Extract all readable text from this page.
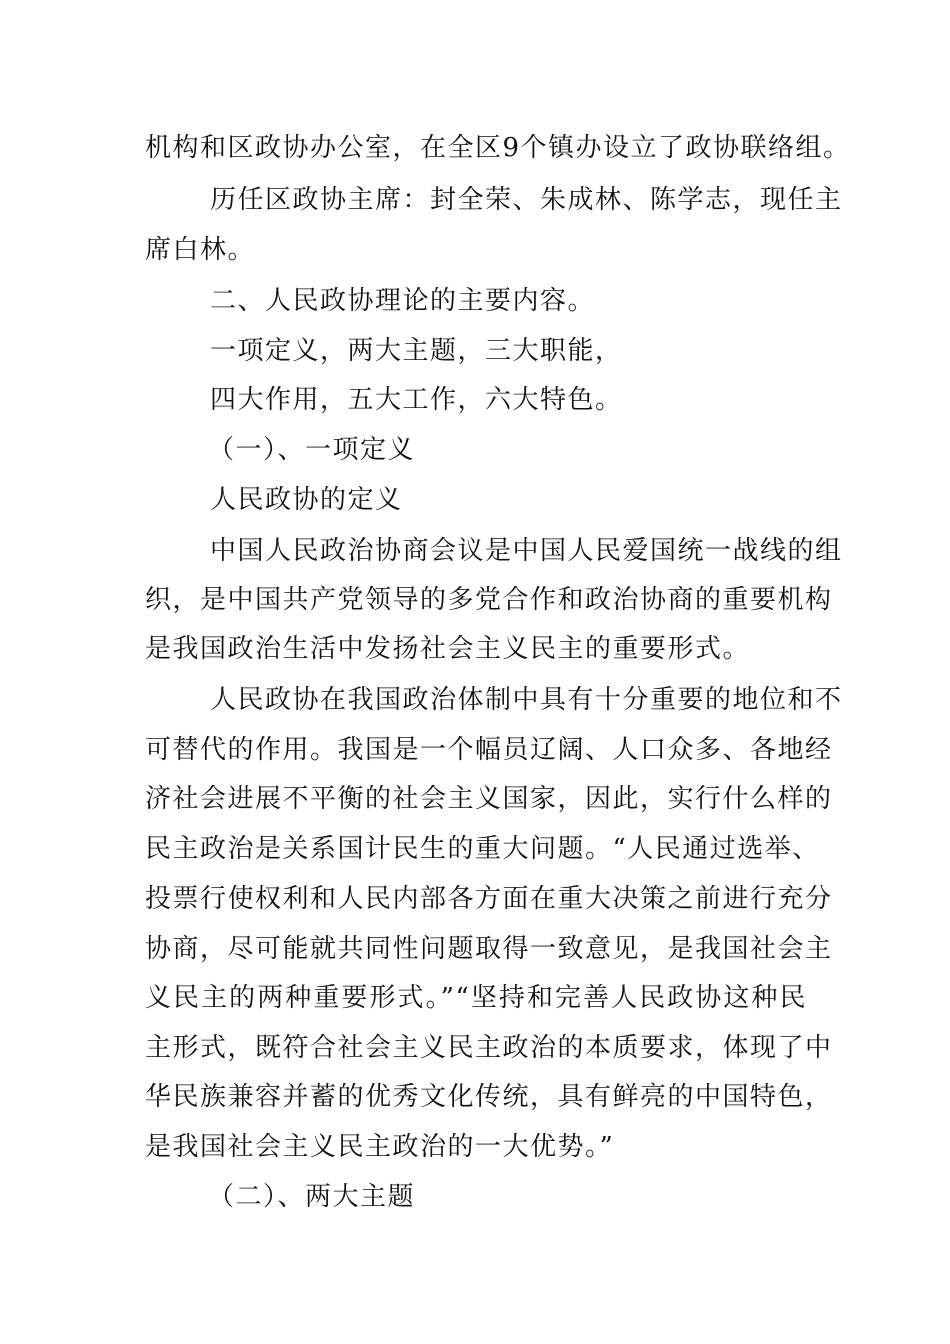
机构和区政协办公室，在全区9个镇办设立了政协联络组。
历任区政协主席：封全荣、朱成林、陈学志，现任主
席白林。
二、人民政协理论的主要内容。
一项定义，两大主题，三大职能，
四大作用，五大工作，六大特色。
（一）、一项定义
人民政协的定义
中国人民政治协商会议是中国人民爱国统一战线的组
织，是中国共产党领导的多党合作和政治协商的重要机构
是我国政治生活中发扬社会主义民主的重要形式。
人民政协在我国政治体制中具有十分重要的地位和不
可替代的作用。我国是一个幅员辽阔、人口众多、各地经
济社会进展不平衡的社会主义国家，因此，实行什么样的
民主政治是关系国计民生的重大问题。“人民通过选举、
投票行使权利和人民内部各方面在重大决策之前进行充分
协商，尽可能就共同性问题取得一致意见，是我国社会主
义民主的两种重要形式。”“坚持和完善人民政协这种民
主形式，既符合社会主义民主政治的本质要求，体现了中
华民族兼容并蓄的优秀文化传统，具有鲜亮的中国特色，
是我国社会主义民主政治的一大优势。”
（二）、两大主题
